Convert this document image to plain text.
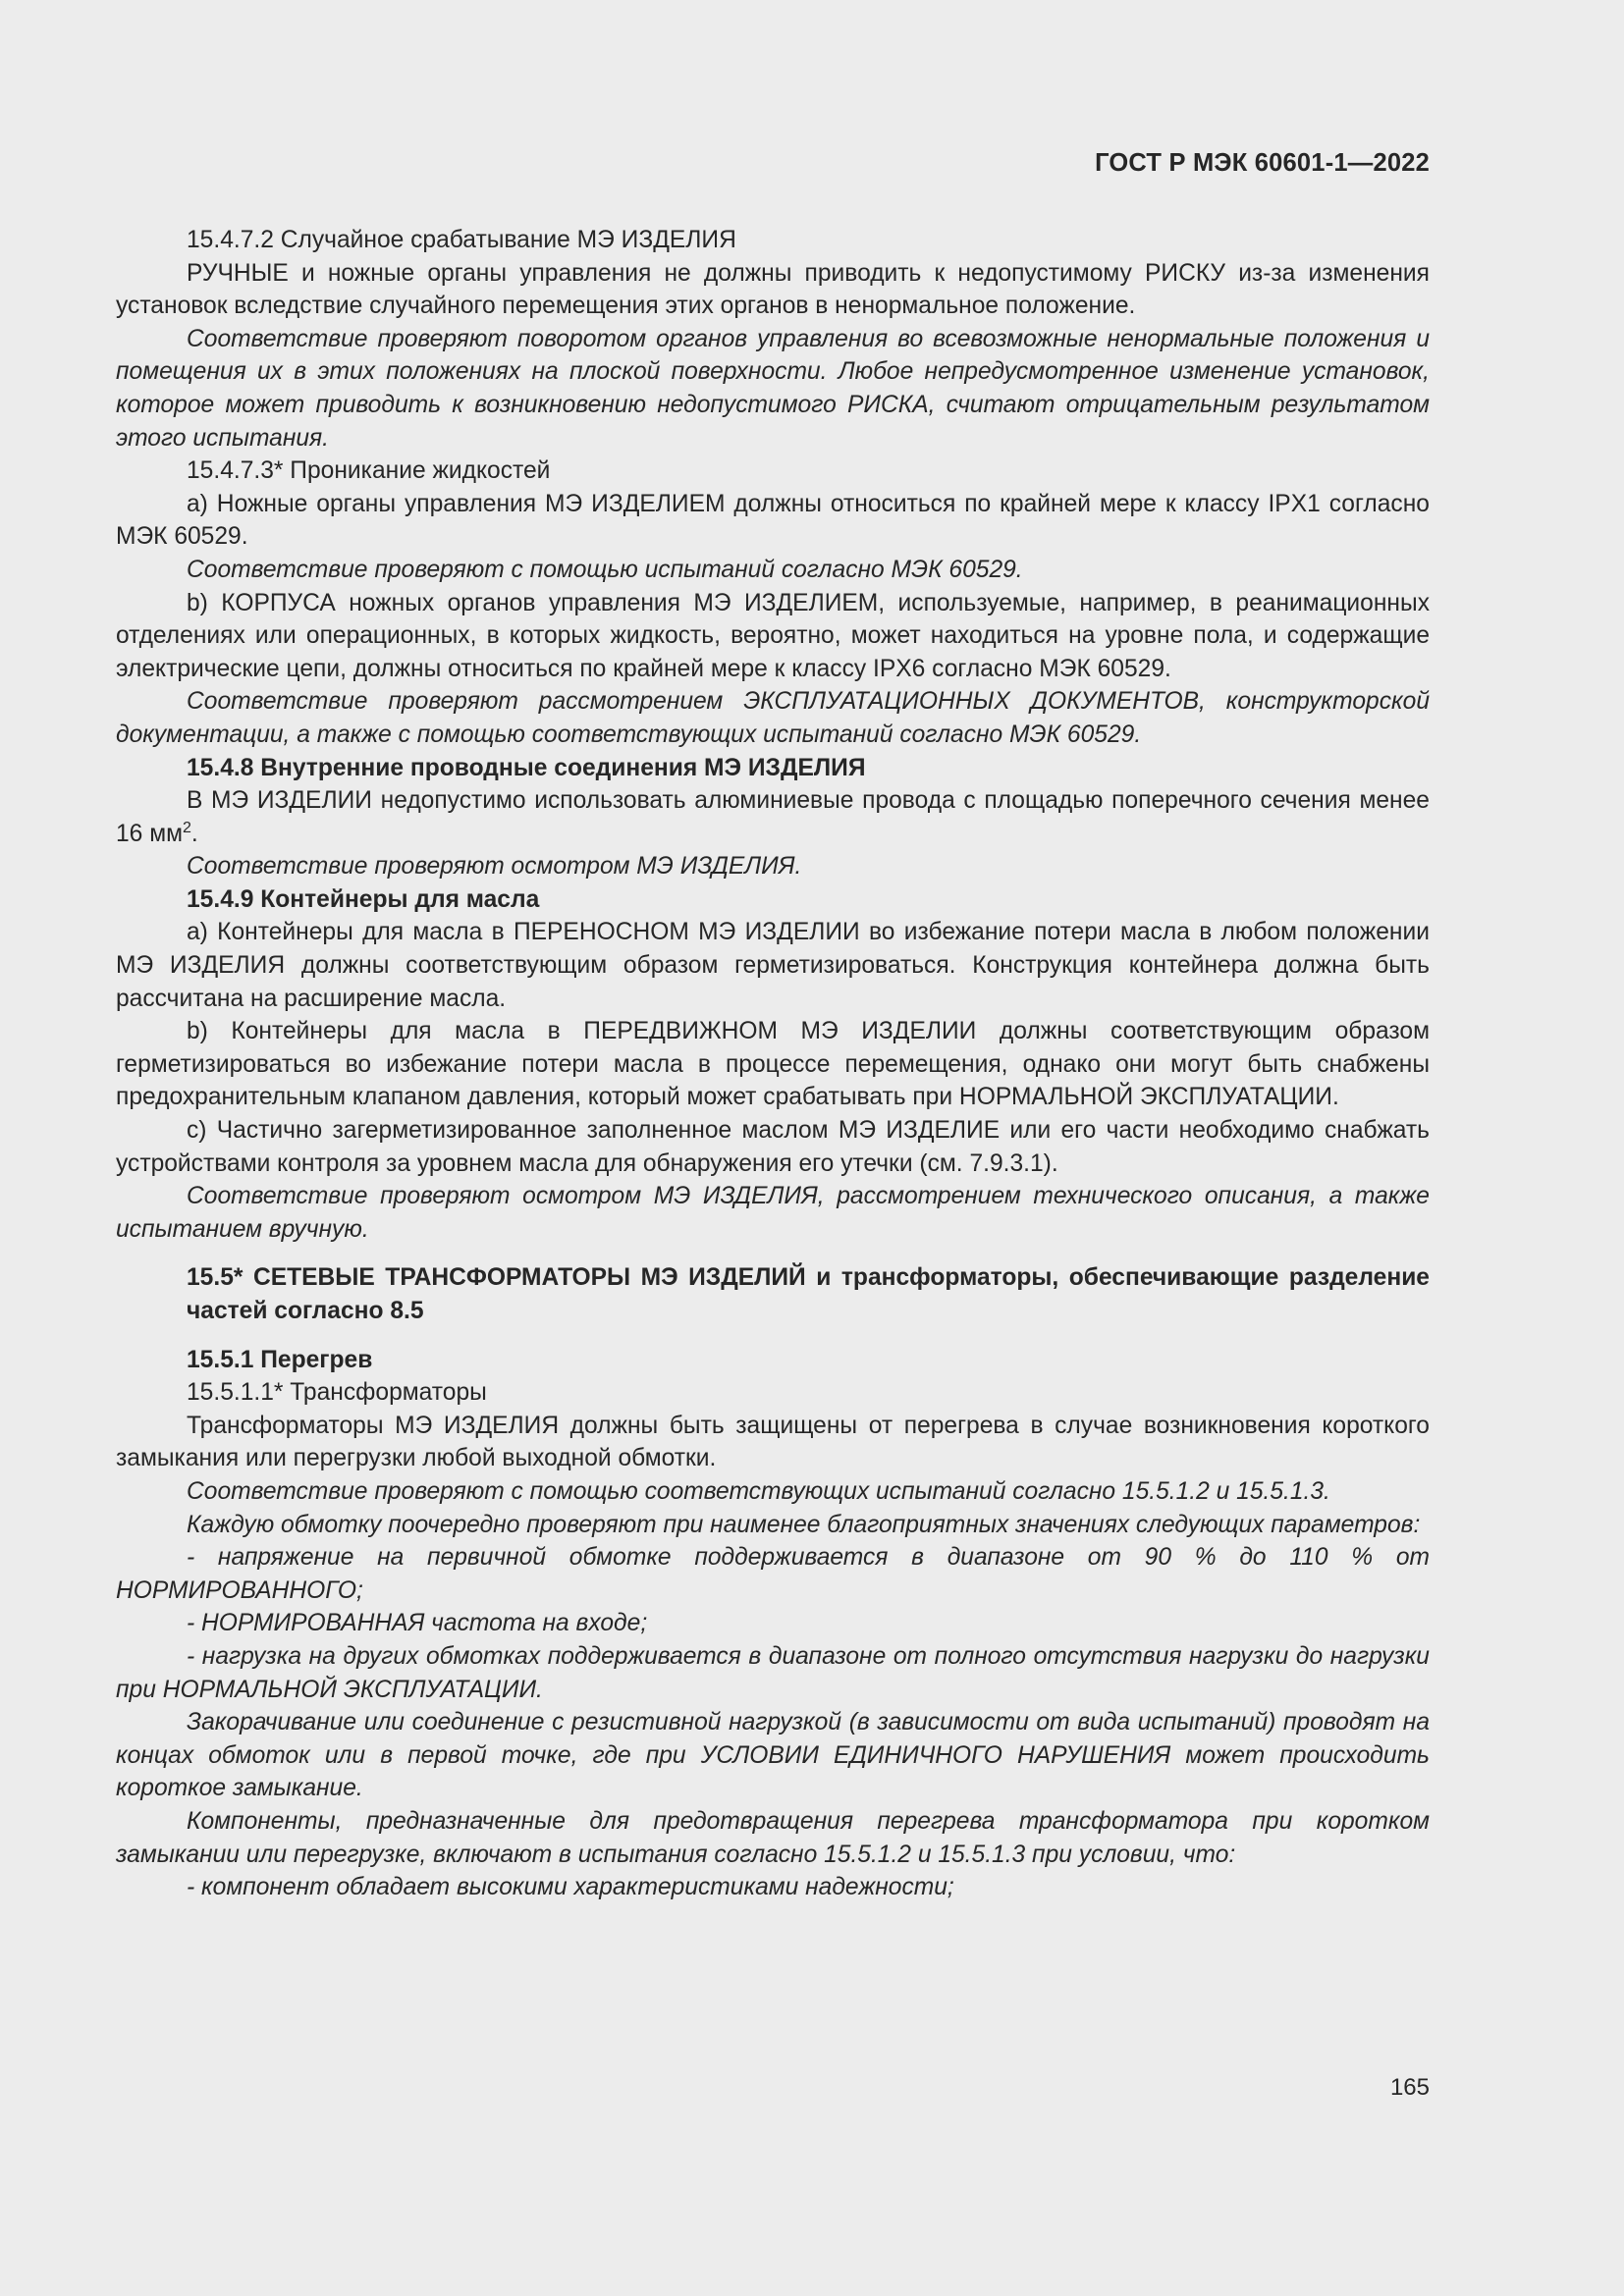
ГОСТ Р МЭК 60601-1—2022

15.4.7.2 Случайное срабатывание МЭ ИЗДЕЛИЯ

РУЧНЫЕ и ножные органы управления не должны приводить к недопустимому РИСКУ из-за изменения установок вследствие случайного перемещения этих органов в ненормальное положение.

Соответствие проверяют поворотом органов управления во всевозможные ненормальные положения и помещения их в этих положениях на плоской поверхности. Любое непредусмотренное изменение установок, которое может приводить к возникновению недопустимого РИСКА, считают отрицательным результатом этого испытания.

15.4.7.3* Проникание жидкостей

a) Ножные органы управления МЭ ИЗДЕЛИЕМ должны относиться по крайней мере к классу IPX1 согласно МЭК 60529.

Соответствие проверяют с помощью испытаний согласно МЭК 60529.

b) КОРПУСА ножных органов управления МЭ ИЗДЕЛИЕМ, используемые, например, в реанимационных отделениях или операционных, в которых жидкость, вероятно, может находиться на уровне пола, и содержащие электрические цепи, должны относиться по крайней мере к классу IPX6 согласно МЭК 60529.

Соответствие проверяют рассмотрением ЭКСПЛУАТАЦИОННЫХ ДОКУМЕНТОВ, конструкторской документации, а также с помощью соответствующих испытаний согласно МЭК 60529.

15.4.8 Внутренние проводные соединения МЭ ИЗДЕЛИЯ

В МЭ ИЗДЕЛИИ недопустимо использовать алюминиевые провода с площадью поперечного сечения менее 16 $мм^2$.

Соответствие проверяют осмотром МЭ ИЗДЕЛИЯ.

15.4.9 Контейнеры для масла

a) Контейнеры для масла в ПЕРЕНОСНОМ МЭ ИЗДЕЛИИ во избежание потери масла в любом положении МЭ ИЗДЕЛИЯ должны соответствующим образом герметизироваться. Конструкция контейнера должна быть рассчитана на расширение масла.

b) Контейнеры для масла в ПЕРЕДВИЖНОМ МЭ ИЗДЕЛИИ должны соответствующим образом герметизироваться во избежание потери масла в процессе перемещения, однако они могут быть снабжены предохранительным клапаном давления, который может срабатывать при НОРМАЛЬНОЙ ЭКСПЛУАТАЦИИ.

c) Частично загерметизированное заполненное маслом МЭ ИЗДЕЛИЕ или его части необходимо снабжать устройствами контроля за уровнем масла для обнаружения его утечки (см. 7.9.3.1).

Соответствие проверяют осмотром МЭ ИЗДЕЛИЯ, рассмотрением технического описания, а также испытанием вручную.

15.5* СЕТЕВЫЕ ТРАНСФОРМАТОРЫ МЭ ИЗДЕЛИЙ и трансформаторы, обеспечивающие разделение частей согласно 8.5

15.5.1 Перегрев

15.5.1.1* Трансформаторы

Трансформаторы МЭ ИЗДЕЛИЯ должны быть защищены от перегрева в случае возникновения короткого замыкания или перегрузки любой выходной обмотки.

Соответствие проверяют с помощью соответствующих испытаний согласно 15.5.1.2 и 15.5.1.3.

Каждую обмотку поочередно проверяют при наименее благоприятных значениях следующих параметров:

- напряжение на первичной обмотке поддерживается в диапазоне от 90 % до 110 % от НОРМИРОВАННОГО;

- НОРМИРОВАННАЯ частота на входе;

- нагрузка на других обмотках поддерживается в диапазоне от полного отсутствия нагрузки до нагрузки при НОРМАЛЬНОЙ ЭКСПЛУАТАЦИИ.

Закорачивание или соединение с резистивной нагрузкой (в зависимости от вида испытаний) проводят на концах обмоток или в первой точке, где при УСЛОВИИ ЕДИНИЧНОГО НАРУШЕНИЯ может происходить короткое замыкание.

Компоненты, предназначенные для предотвращения перегрева трансформатора при коротком замыкании или перегрузке, включают в испытания согласно 15.5.1.2 и 15.5.1.3 при условии, что:

- компонент обладает высокими характеристиками надежности;

165
